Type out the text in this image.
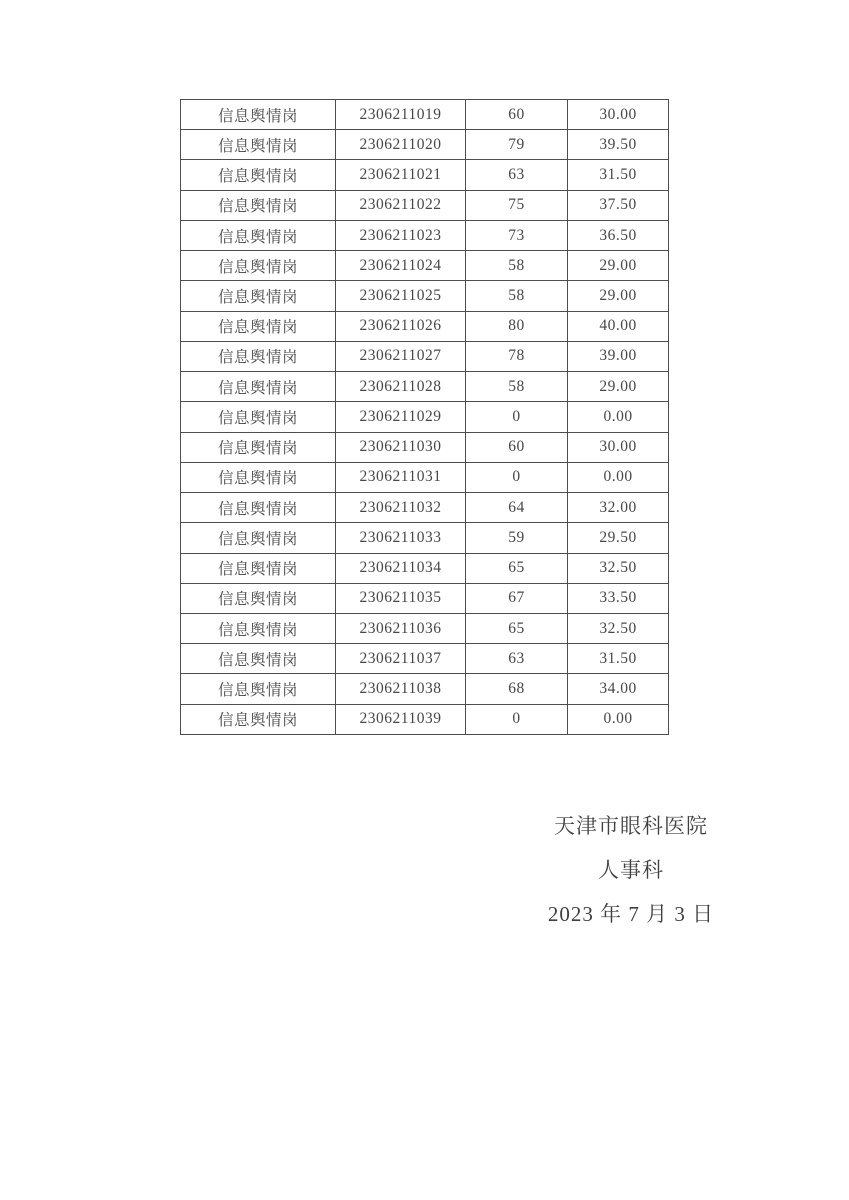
信息舆情岗	2306211019	60	30.00
信息舆情岗	2306211020	79	39.50
信息舆情岗	2306211021	63	31.50
信息舆情岗	2306211022	75	37.50
信息舆情岗	2306211023	73	36.50
信息舆情岗	2306211024	58	29.00
信息舆情岗	2306211025	58	29.00
信息舆情岗	2306211026	80	40.00
信息舆情岗	2306211027	78	39.00
信息舆情岗	2306211028	58	29.00
信息舆情岗	2306211029	0	0.00
信息舆情岗	2306211030	60	30.00
信息舆情岗	2306211031	0	0.00
信息舆情岗	2306211032	64	32.00
信息舆情岗	2306211033	59	29.50
信息舆情岗	2306211034	65	32.50
信息舆情岗	2306211035	67	33.50
信息舆情岗	2306211036	65	32.50
信息舆情岗	2306211037	63	31.50
信息舆情岗	2306211038	68	34.00
信息舆情岗	2306211039	0	0.00
天津市眼科医院
人事科
2023 年 7 月 3 日
